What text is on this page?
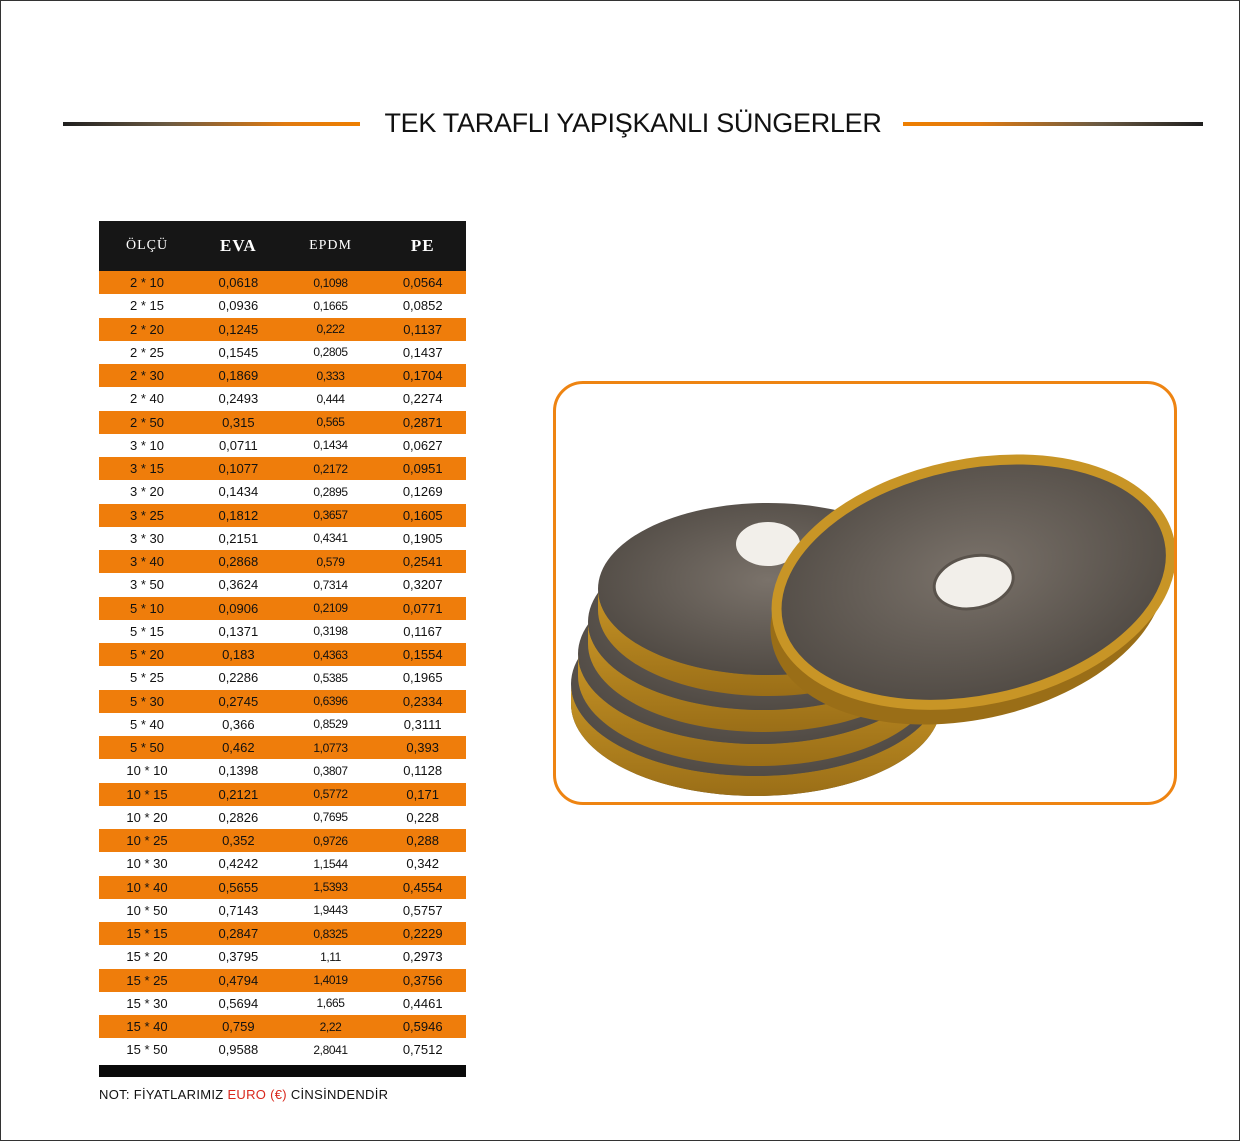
TEK TARAFLI YAPIŞKANLI SÜNGERLER
ÖLÇÜ	EVA	EPDM	PE
2 * 10	0,0618	0,1098	0,0564
2 * 15	0,0936	0,1665	0,0852
2 * 20	0,1245	0,222	0,1137
2 * 25	0,1545	0,2805	0,1437
2 * 30	0,1869	0,333	0,1704
2 * 40	0,2493	0,444	0,2274
2 * 50	0,315	0,565	0,2871
3 * 10	0,0711	0,1434	0,0627
3 * 15	0,1077	0,2172	0,0951
3 * 20	0,1434	0,2895	0,1269
3 * 25	0,1812	0,3657	0,1605
3 * 30	0,2151	0,4341	0,1905
3 * 40	0,2868	0,579	0,2541
3 * 50	0,3624	0,7314	0,3207
5 * 10	0,0906	0,2109	0,0771
5 * 15	0,1371	0,3198	0,1167
5 * 20	0,183	0,4363	0,1554
5 * 25	0,2286	0,5385	0,1965
5 * 30	0,2745	0,6396	0,2334
5 * 40	0,366	0,8529	0,3111
5 * 50	0,462	1,0773	0,393
10 * 10	0,1398	0,3807	0,1128
10 * 15	0,2121	0,5772	0,171
10 * 20	0,2826	0,7695	0,228
10 * 25	0,352	0,9726	0,288
10 * 30	0,4242	1,1544	0,342
10 * 40	0,5655	1,5393	0,4554
10 * 50	0,7143	1,9443	0,5757
15 * 15	0,2847	0,8325	0,2229
15 * 20	0,3795	1,11	0,2973
15 * 25	0,4794	1,4019	0,3756
15 * 30	0,5694	1,665	0,4461
15 * 40	0,759	2,22	0,5946
15 * 50	0,9588	2,8041	0,7512
NOT: FİYATLARIMIZ EURO (€) CİNSİNDENDİR
